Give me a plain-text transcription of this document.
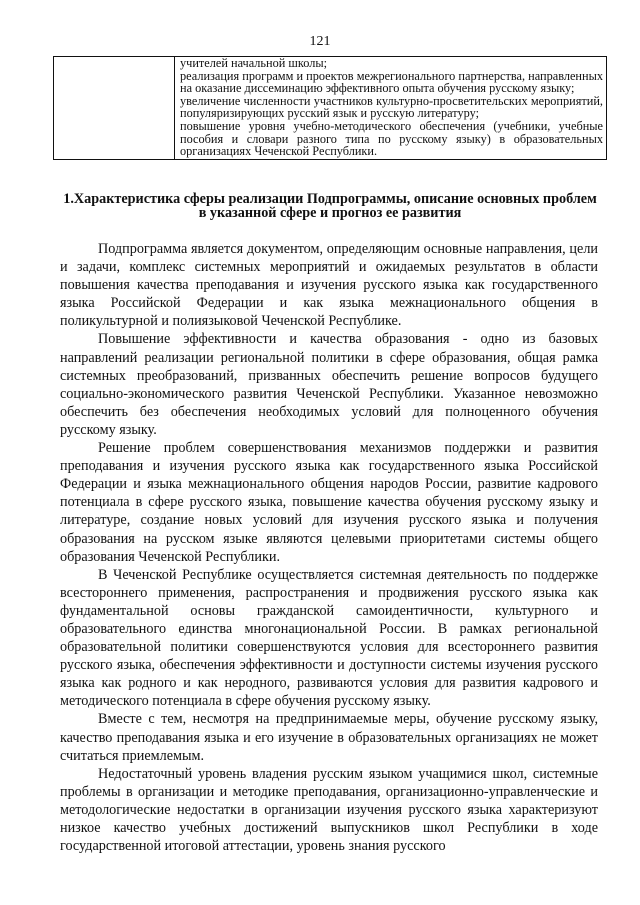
121

учителей начальной школы;
реализация программ и проектов межрегионального партнерства, направленных на оказание диссеминацию эффективного опыта обучения русскому языку;
увеличение численности участников культурно-просветительских мероприятий, популяризирующих русский язык и русскую литературу;
повышение уровня учебно-методического обеспечения (учебники, учебные пособия и словари разного типа по русскому языку) в образовательных организациях Чеченской Республики.
1.Характеристика сферы реализации Подпрограммы, описание основных проблем в указанной сфере и прогноз ее развития

Подпрограмма является документом, определяющим основные направления, цели и задачи, комплекс системных мероприятий и ожидаемых результатов в области повышения качества преподавания и изучения русского языка как государственного языка Российской Федерации и как языка межнационального общения в поликультурной и полиязыковой Чеченской Республике.

Повышение эффективности и качества образования - одно из базовых направлений реализации региональной политики в сфере образования, общая рамка системных преобразований, призванных обеспечить решение вопросов будущего социально-экономического развития Чеченской Республики. Указанное невозможно обеспечить без обеспечения необходимых условий для полноценного обучения русскому языку.

Решение проблем совершенствования механизмов поддержки и развития преподавания и изучения русского языка как государственного языка Российской Федерации и языка межнационального общения народов России, развитие кадрового потенциала в сфере русского языка, повышение качества обучения русскому языку и литературе, создание новых условий для изучения русского языка и получения образования на русском языке являются целевыми приоритетами системы общего образования Чеченской Республики.

В Чеченской Республике осуществляется системная деятельность по поддержке всестороннего применения, распространения и продвижения русского языка как фундаментальной основы гражданской самоидентичности, культурного и образовательного единства многонациональной России. В рамках региональной образовательной политики совершенствуются условия для всестороннего развития русского языка, обеспечения эффективности и доступности системы изучения русского языка как родного и как неродного, развиваются условия для развития кадрового и методического потенциала в сфере обучения русскому языку.

Вместе с тем, несмотря на предпринимаемые меры, обучение русскому языку, качество преподавания языка и его изучение в образовательных организациях не может считаться приемлемым.

Недостаточный уровень владения русским языком учащимися школ, системные проблемы в организации и методике преподавания, организационно-управленческие и методологические недостатки в организации изучения русского языка характеризуют низкое качество учебных достижений выпускников школ Республики в ходе государственной итоговой аттестации, уровень знания русского
